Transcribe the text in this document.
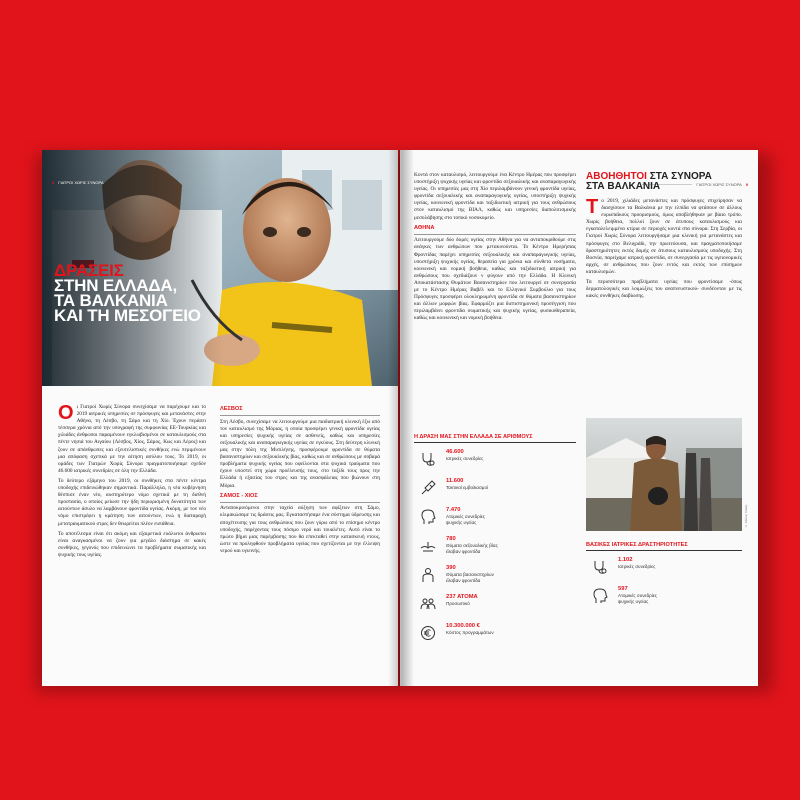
8 ΓΙΑΤΡΟΙ ΧΩΡΙΣ ΣΥΝΟΡΑ
ΔΡΑΣΕΙΣ
ΣΤΗΝ ΕΛΛΑΔΑ,
ΤΑ ΒΑΛΚΑΝΙΑ
ΚΑΙ ΤΗ ΜΕΣΟΓΕΙΟ

Οι Γιατροί Χωρίς Σύνορα συνεχίσαμε να παρέχουμε και το 2019 ιατρικές υπηρεσίες σε πρόσφυγες και μετανάστες στην Αθήνα, τη Λέσβο, τη Σάμο και τη Χίο. Έχουν περάσει τέσσερα χρόνια από την υπογραφή της συμφωνίας ΕΕ-Τουρκίας και χιλιάδες άνθρωποι παραμένουν εγκλωβισμένοι σε καταυλισμούς στα πέντε νησιά του Αιγαίου (Λέσβος, Χίος, Σάμος, Κως και Λέρος) και ζουν σε απάνθρωπες και εξευτελιστικές συνθήκες ενώ περιμένουν μια απόφαση σχετικά με την αίτηση ασύλου τους. Το 2019, οι ομάδες των Γιατρών Χωρίς Σύνορα πραγματοποιήσαμε σχεδόν 46.600 ιατρικές συνεδρίες σε όλη την Ελλάδα.

Το δεύτερο εξάμηνο του 2019, οι συνθήκες στα πέντε κέντρα υποδοχής επιδεινώθηκαν σημαντικά. Παράλληλα, η νέα κυβέρνηση θέσπισε έναν νέο, αυστηρότερο νόμο σχετικά με τη διεθνή προστασία, ο οποίος μείωσε την ήδη περιορισμένη δυνατότητα των αιτούντων άσυλο να λαμβάνουν φροντίδα υγείας. Ακόμη, με τον νέο νόμο επιστρέφει η κράτηση των αιτούντων, ενώ η διαταραχή μετατραυματικού στρες δεν θεωρείται πλέον ευπάθεια.

Το αποτέλεσμα είναι ότι ακόμη και εξαιρετικά ευάλωτοι άνθρωποι είναι αναγκασμένοι να ζουν για μεγάλο διάστημα σε κακές συνθήκες, γεγονός που επιδεινώνει τα προβλήματα σωματικής και ψυχικής τους υγείας.

ΛΕΣΒΟΣ

Στη Λέσβο, συνεχίσαμε να λειτουργούμε μια παιδιατρική κλινική έξω από τον καταυλισμό της Μόριας, η οποία προσφέρει γενική φροντίδα υγείας και υπηρεσίες ψυχικής υγείας σε ασθενείς, καθώς και υπηρεσίες σεξουαλικής και αναπαραγωγικής υγείας σε εγκύους. Στη δεύτερη κλινική μας στην πόλη της Μυτιλήνης, προσφέρουμε φροντίδα σε θύματα βασανιστηρίων και σεξουαλικής βίας, καθώς και σε ανθρώπους με σοβαρά προβλήματα ψυχικής υγείας που οφείλονται στα ψυχικά τραύματα που έχουν υποστεί στη χώρα προέλευσής τους, στο ταξίδι τους προς την Ελλάδα ή εξαιτίας του στρες και της ανασφάλειας που βιώνουν στη Μόρια.

ΣΑΜΟΣ - ΧΙΟΣ

Ανταποκρινόμενοι στην ταχεία αύξηση των αφίξεων στη Σάμο, κλιμακώσαμε τις δράσεις μας. Εγκαταστήσαμε ένα σύστημα ύδρευσης και αποχέτευσης για τους ανθρώπους που ζουν γύρω από το επίσημο κέντρο υποδοχής, παρέχοντας τους πόσιμο νερό και τουαλέτες. Αυτό είναι το πρώτο βήμα μιας παρέμβασης που θα επεκταθεί στην κατασκευή ντους, ώστε να προληφθούν προβλήματα υγείας που σχετίζονται με την έλλειψη νερού και υγιεινής.

ΓΙΑΤΡΟΙ ΧΩΡΙΣ ΣΥΝΟΡΑ 9

Κοντά στον καταυλισμό, λειτουργούμε ένα Κέντρο Ημέρας που προσφέρει υποστήριξη ψυχικής υγείας και φροντίδα σεξουαλικής και αναπαραγωγικής υγείας. Οι υπηρεσίες μας στη Χίο περιλαμβάνουν γενική φροντίδα υγείας, φροντίδα σεξουαλικής και αναπαραγωγικής υγείας, υποστήριξη ψυχικής υγείας, κοινωνική φροντίδα και ταξιδιωτική ιατρική για τους ανθρώπους στον καταυλισμό της ΒΙΑΛ, καθώς και υπηρεσίες διαπολιτισμικής μεσολάβησης στο τοπικό νοσοκομείο.

ΑΘΗΝΑ

Λειτουργούμε δύο δομές υγείας στην Αθήνα για να ανταποκριθούμε στις ανάγκες των ανθρώπων που μετακινούνται. Το Κέντρο Ημερήσιας Φροντίδας παρέχει υπηρεσίες σεξουαλικής και αναπαραγωγικής υγείας, υποστήριξη ψυχικής υγείας, θεραπεία για χρόνια και σύνθετα νοσήματα, κοινωνική και νομική βοήθεια, καθώς και ταξιδιωτική ιατρική για ανθρώπους που σχεδιάζουν ν φύγουν από την Ελλάδα. Η Κλινική Αποκατάστασης Θυμάτων Βασανιστηρίων που λειτουργεί σε συνεργασία με το Κέντρο Ημέρας Βαβέλ και το Ελληνικό Συμβούλιο για τους Πρόσφυγες προσφέρει ολοκληρωμένη φροντίδα σε θύματα βασανιστηρίων και άλλων μορφών βίας. Εφαρμόζει μια διεπιστημονική προσέγγιση που περιλαμβάνει φροντίδα σωματικής και ψυχικής υγείας, φυσικοθεραπεία, καθώς και κοινωνική και νομική βοήθεια.

Η ΔΡΑΣΗ ΜΑΣ ΣΤΗΝ ΕΛΛΑΔΑ ΣΕ ΑΡΙΘΜΟΥΣ
46.600
Ιατρικές συνεδρίες
11.600
Τακτικοί εμβολιασμοί
7.470
Ατομικές συνεδρίες
ψυχικής υγείας
780
Θύματα σεξουαλικής βίας
έλαβαν φροντίδα
390
Θύματα βασανιστηρίων
έλαβαν φροντίδα
237 ΑΤΟΜΑ
Προσωπικό
10.300.000 €
Κόστος προγραμμάτων
ΑΒΟΗΘΗΤΟΙ ΣΤΑ ΣΥΝΟΡΑ
ΣΤΑ ΒΑΛΚΑΝΙΑ

Το 2019, χιλιάδες μετανάστες και πρόσφυγες επιχείρησαν να διασχίσουν τα Βαλκάνια με την ελπίδα να φτάσουν σε άλλους ευρωπαϊκούς προορισμούς, όμως αποβλήθηκαν με βίαιο τρόπο. Χωρίς βοήθεια, πολλοί ζουν σε άτυπους καταυλισμούς και εγκαταλελειμμένα κτίρια σε περιοχές κοντά στα σύνορα. Στη Σερβία, οι Γιατροί Χωρίς Σύνορα λειτουργήσαμε μια κλινική για μετανάστες και πρόσφυγες στο Βελιγράδι, την πρωτεύουσα, και πραγματοποιήσαμε δραστηριότητες εκτός δομής σε άτυπους καταυλισμούς υποδοχής. Στη Βοσνία, παρείχαμε ιατρική φροντίδα, σε συνεργασία με τις υγειονομικές αρχές, σε ανθρώπους που ζουν εντός και εκτός των επίσημων καταυλισμών.

Τα περισσότερα προβλήματα υγείας που φροντίσαμε -όπως δερματολογικές και λοιμώξεις του αναπνευστικού- συνδέονταν με τις κακές συνθήκες διαβίωσης.

© Αλέκος Γιάκας
ΒΑΣΙΚΕΣ ΙΑΤΡΙΚΕΣ ΔΡΑΣΤΗΡΙΟΤΗΤΕΣ
1.102
Ιατρικές συνεδρίες
597
Ατομικές συνεδρίες
ψυχικής υγείας
